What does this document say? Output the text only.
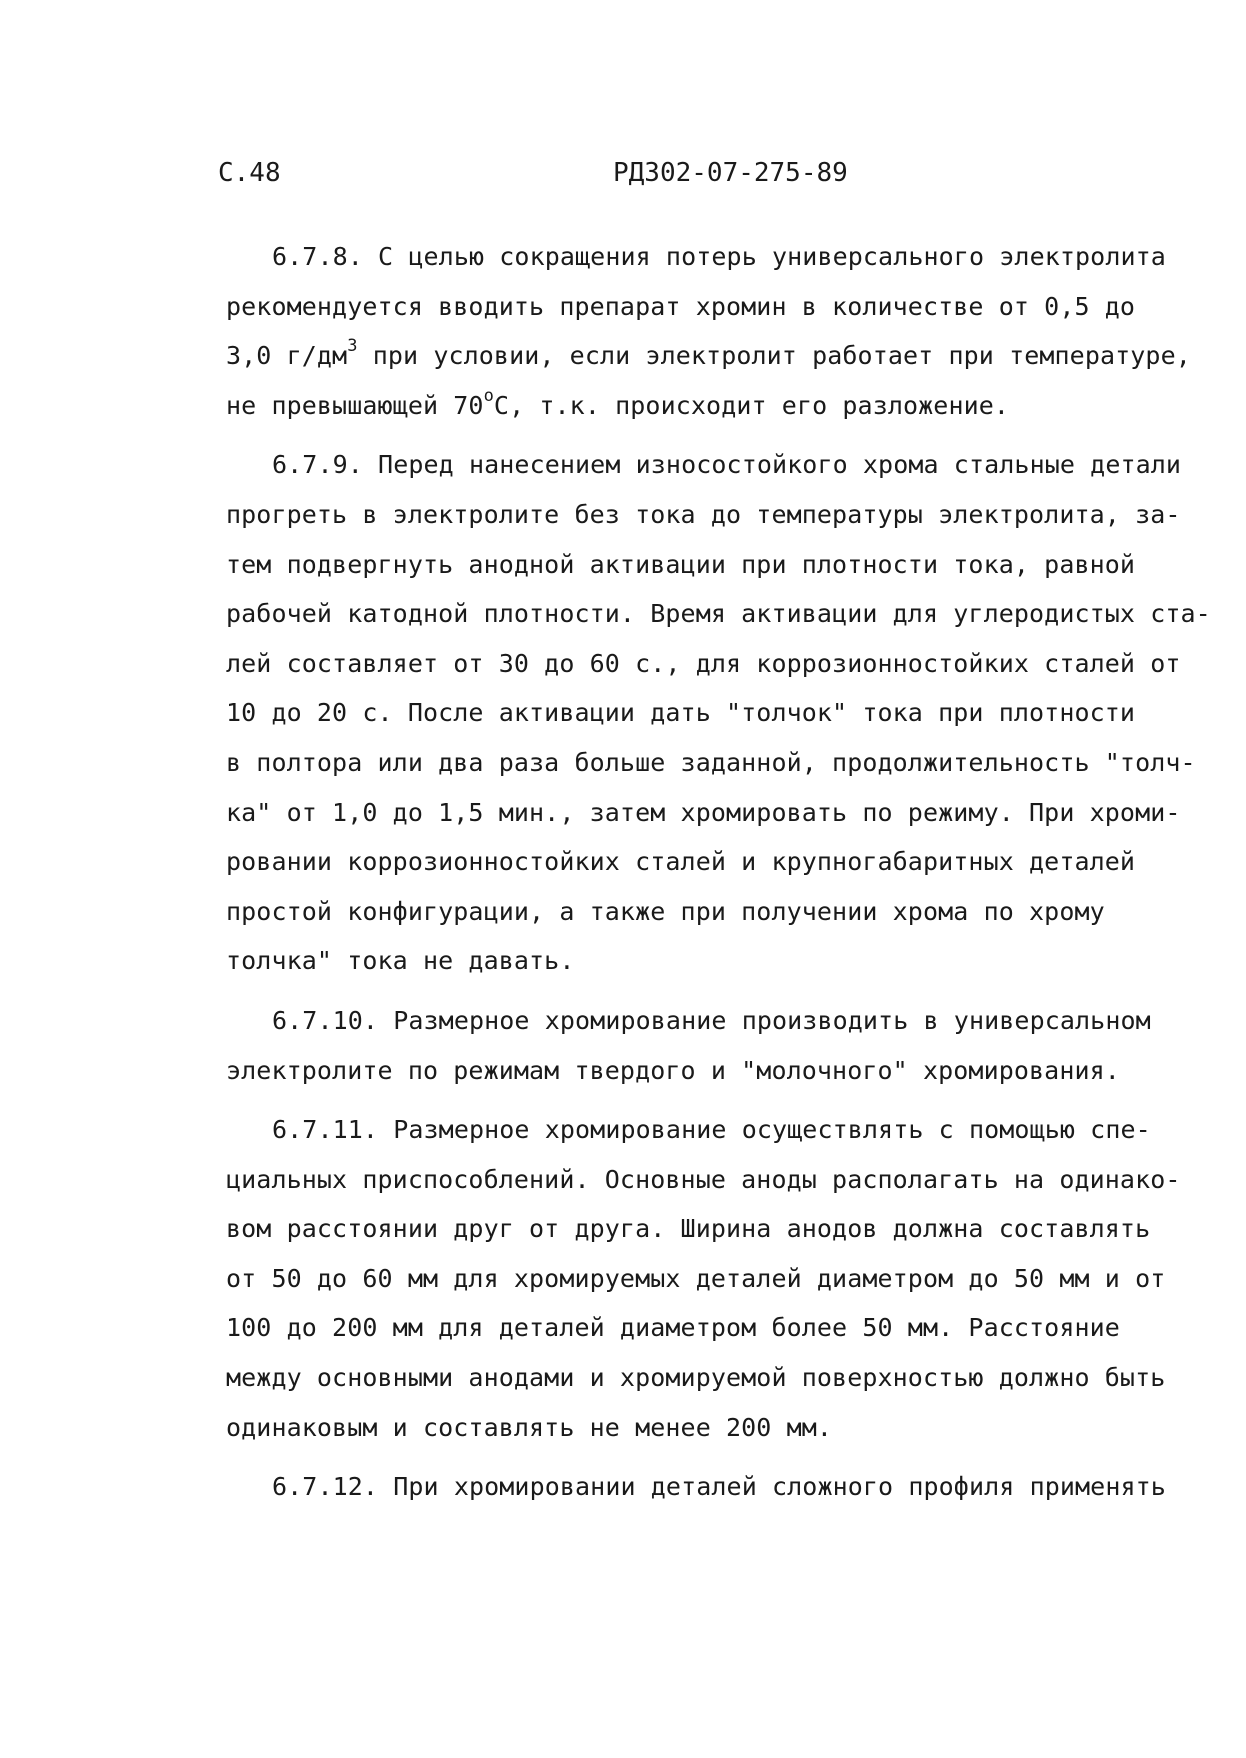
С.48	РД302-07-275-89
6.7.8. С целью сокращения потерь универсального электролита
рекомендуется вводить препарат хромин в количестве от 0,5 до
3,0 $г/дм^3$ при условии, если электролит работает при температуре,
не превышающей $70^оС$, т.к. происходит его разложение.
6.7.9. Перед нанесением износостойкого хрома стальные детали
прогреть в электролите без тока до температуры электролита, за-
тем подвергнуть анодной активации при плотности тока, равной
рабочей катодной плотности. Время активации для углеродистых ста-
лей составляет от 30 до 60 с., для коррозионностойких сталей от
10 до 20 с. После активации дать "толчок" тока при плотности
в полтора или два раза больше заданной, продолжительность "толч-
ка" от 1,0 до 1,5 мин., затем хромировать по режиму. При хроми-
ровании коррозионностойких сталей и крупногабаритных деталей
простой конфигурации, а также при получении хрома по хрому
толчка" тока не давать.
6.7.10. Размерное хромирование производить в универсальном
электролите по режимам твердого и "молочного" хромирования.
6.7.11. Размерное хромирование осуществлять с помощью спе-
циальных приспособлений. Основные аноды располагать на одинако-
вом расстоянии друг от друга. Ширина анодов должна составлять
от 50 до 60 мм для хромируемых деталей диаметром до 50 мм и от
100 до 200 мм для деталей диаметром более 50 мм. Расстояние
между основными анодами и хромируемой поверхностью должно быть
одинаковым и составлять не менее 200 мм.
6.7.12. При хромировании деталей сложного профиля применять
